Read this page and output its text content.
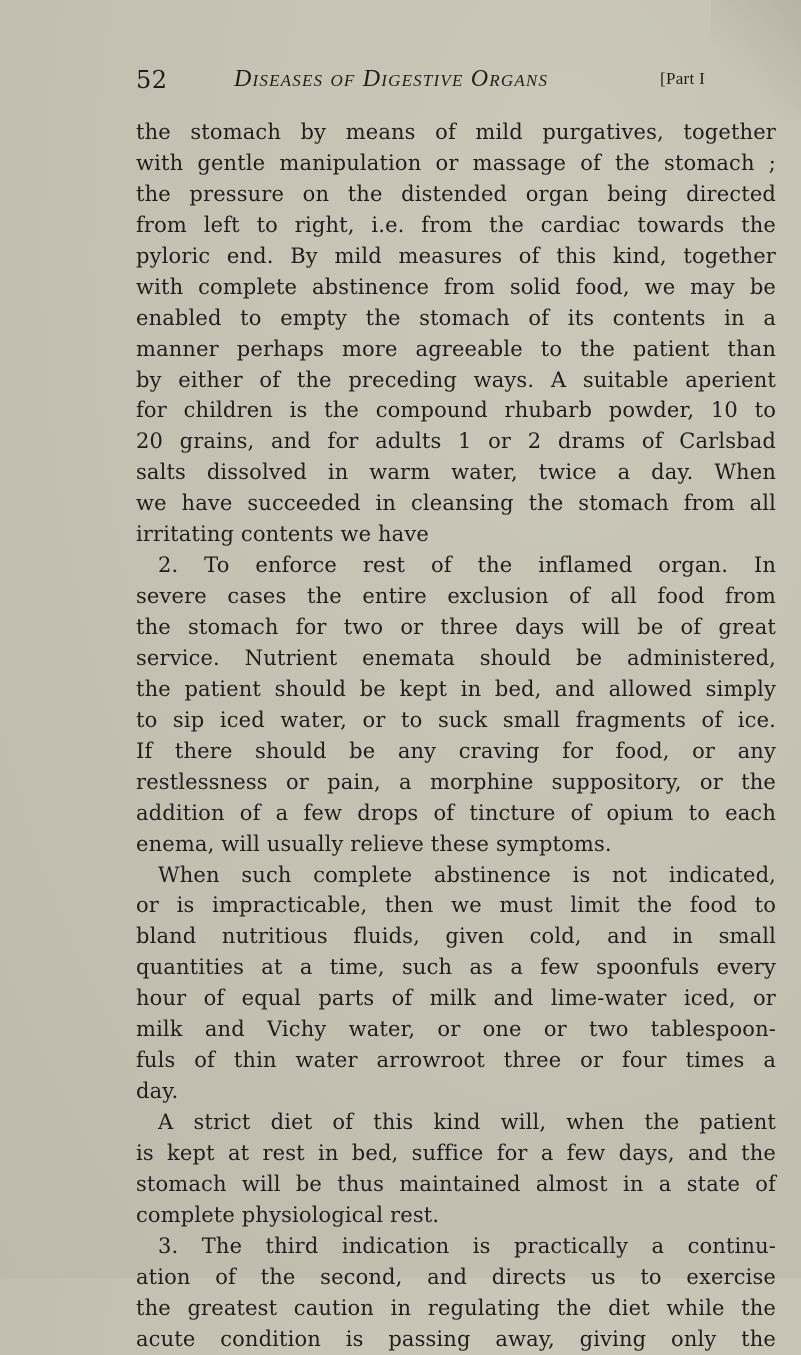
52	Diseases of Digestive Organs	[Part I
the stomach by means of mild purgatives, together
with gentle manipulation or massage of the stomach ;
the pressure on the distended organ being directed
from left to right, i.e. from the cardiac towards the
pyloric end. By mild measures of this kind, together
with complete abstinence from solid food, we may be
enabled to empty the stomach of its contents in a
manner perhaps more agreeable to the patient than
by either of the preceding ways. A suitable aperient
for children is the compound rhubarb powder, 10 to
20 grains, and for adults 1 or 2 drams of Carlsbad
salts dissolved in warm water, twice a day. When
we have succeeded in cleansing the stomach from all
irritating contents we have
2. To enforce rest of the inflamed organ. In
severe cases the entire exclusion of all food from
the stomach for two or three days will be of great
service. Nutrient enemata should be administered,
the patient should be kept in bed, and allowed simply
to sip iced water, or to suck small fragments of ice.
If there should be any craving for food, or any
restlessness or pain, a morphine suppository, or the
addition of a few drops of tincture of opium to each
enema, will usually relieve these symptoms.
When such complete abstinence is not indicated,
or is impracticable, then we must limit the food to
bland nutritious fluids, given cold, and in small
quantities at a time, such as a few spoonfuls every
hour of equal parts of milk and lime-water iced, or
milk and Vichy water, or one or two tablespoon-
fuls of thin water arrowroot three or four times a
day.
A strict diet of this kind will, when the patient
is kept at rest in bed, suffice for a few days, and the
stomach will be thus maintained almost in a state of
complete physiological rest.
3. The third indication is practically a continu-
ation of the second, and directs us to exercise
the greatest caution in regulating the diet while the
acute condition is passing away, giving only the
